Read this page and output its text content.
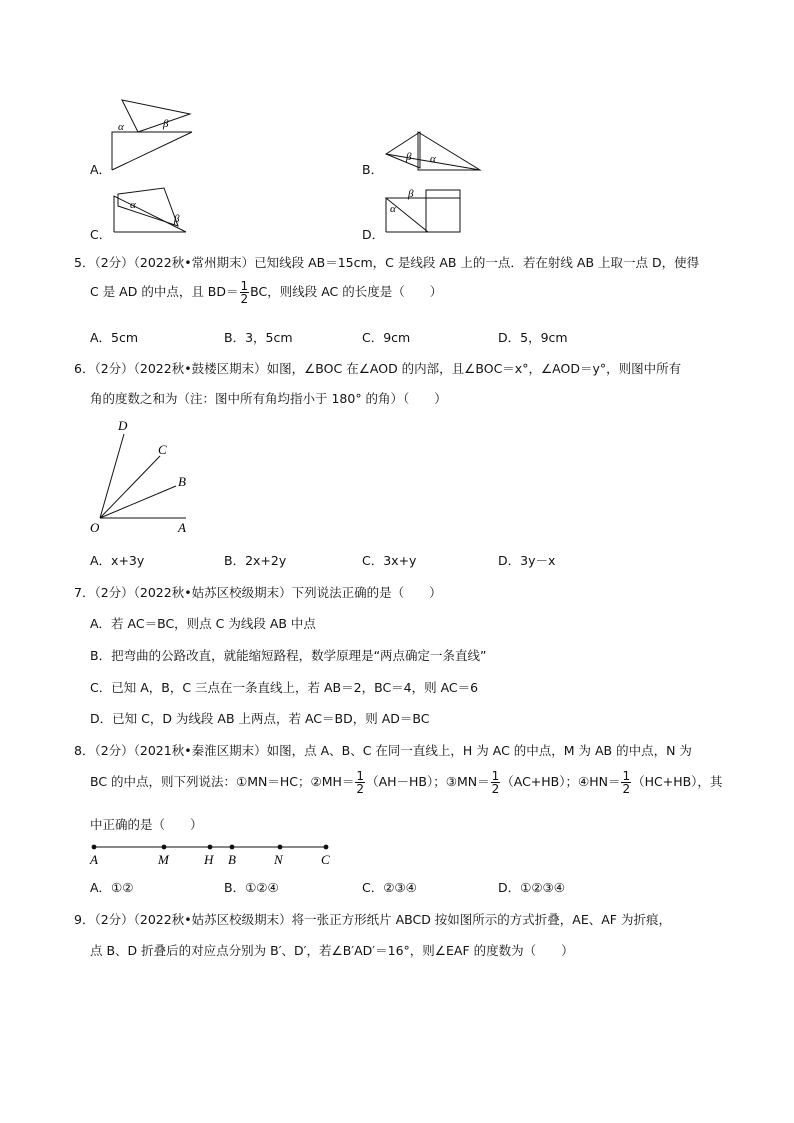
A．
α	β
B．
β α
C．
α
β
D．
α
β
5．（2分）（2022秋•常州期末）已知线段 AB＝15cm，C 是线段 AB 上的一点．若在射线 AB 上取一点 D，使得
C 是 AD 的中点，且 $BD= \frac{1}{2}$ BC，则线段 AC 的长度是（　　）
A．5cm	B．3，5cm	C．9cm	D．5，9cm
6．（2分）（2022秋•鼓楼区期末）如图，∠BOC 在∠AOD 的内部，且∠BOC＝x°，∠AOD＝y°，则图中所有
角的度数之和为（注：图中所有角均指小于 180° 的角）（　　）
D
C
B
O	A
A．x+3y	B．2x+2y	C．3x+y	D．3y－x
7．（2分）（2022秋•姑苏区校级期末）下列说法正确的是（　　）
A．若 AC＝BC，则点 C 为线段 AB 中点
B．把弯曲的公路改直，就能缩短路程，数学原理是“两点确定一条直线”
C．已知 A，B，C 三点在一条直线上，若 AB＝2，BC＝4，则 AC＝6
D．已知 C，D 为线段 AB 上两点，若 AC＝BD，则 AD＝BC
8．（2分）（2021秋•秦淮区期末）如图，点 A、B、C 在同一直线上，H 为 AC 的中点，M 为 AB 的中点，N 为
BC 的中点，则下列说法：①MN＝HC；②MH＝ $\frac{1}{2} (AH-HB)$；③MN＝ $\frac{1}{2} (AC+HB)$；④HN＝ $\frac{1}{2} (HC+HB)$，其
中正确的是（　　）
A	M	H B	N	C
A．①②	B．①②④	C．②③④	D．①②③④
9．（2分）（2022秋•姑苏区校级期末）将一张正方形纸片 ABCD 按如图所示的方式折叠，AE、AF 为折痕，
点 B、D 折叠后的对应点分别为 B′、D′，若∠B′AD′＝16°，则∠EAF 的度数为（　　）
